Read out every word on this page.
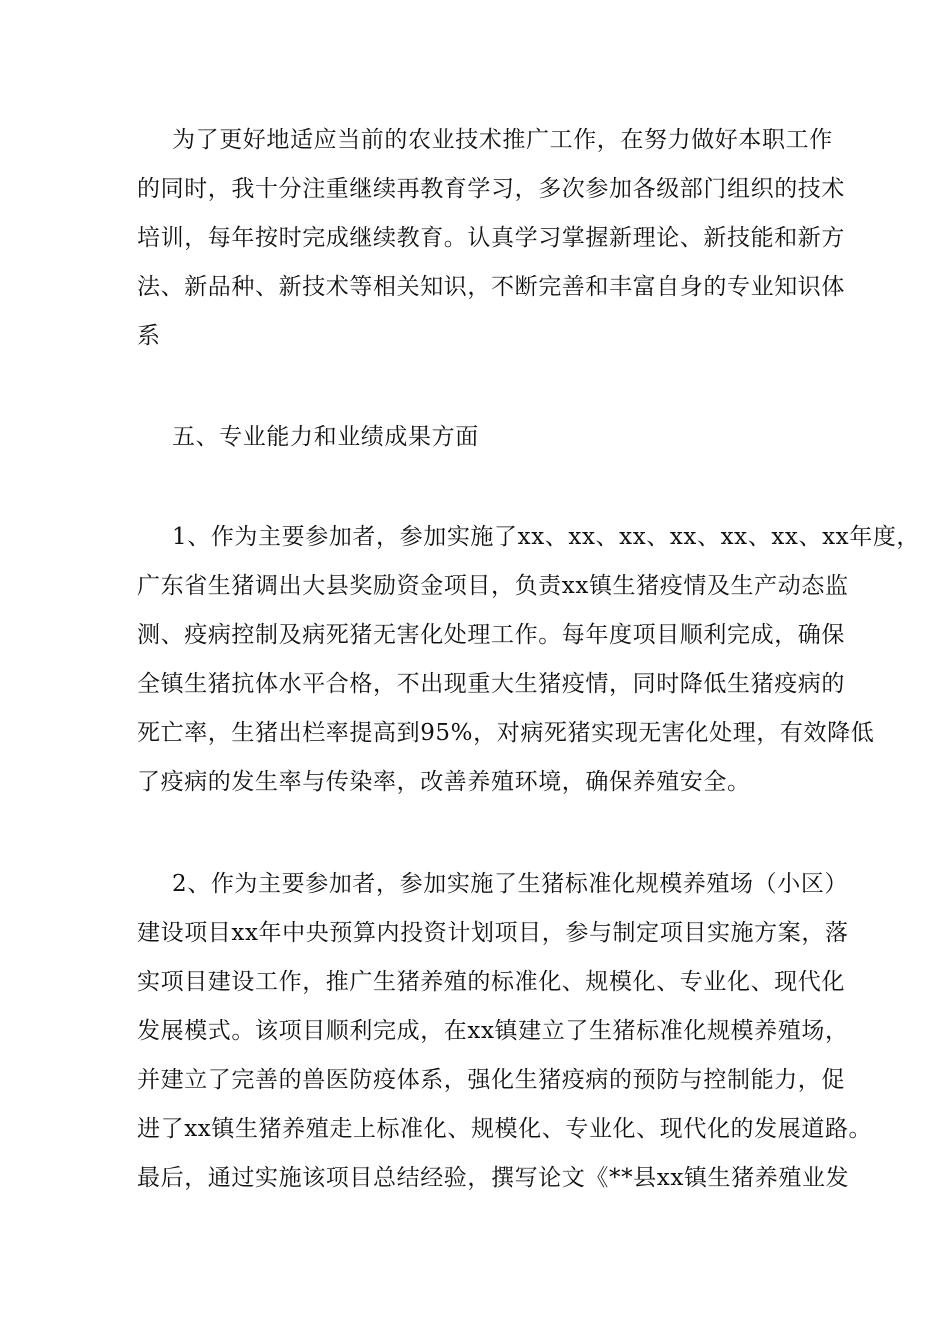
为了更好地适应当前的农业技术推广工作，在努力做好本职工作
的同时，我十分注重继续再教育学习，多次参加各级部门组织的技术
培训，每年按时完成继续教育。认真学习掌握新理论、新技能和新方
法、新品种、新技术等相关知识，不断完善和丰富自身的专业知识体
系
五、专业能力和业绩成果方面
1、作为主要参加者，参加实施了xx、xx、xx、xx、xx、xx、xx年度，
广东省生猪调出大县奖励资金项目，负责xx镇生猪疫情及生产动态监
测、疫病控制及病死猪无害化处理工作。每年度项目顺利完成，确保
全镇生猪抗体水平合格，不出现重大生猪疫情，同时降低生猪疫病的
死亡率，生猪出栏率提高到95%，对病死猪实现无害化处理，有效降低
了疫病的发生率与传染率，改善养殖环境，确保养殖安全。
2、作为主要参加者，参加实施了生猪标准化规模养殖场（小区）
建设项目xx年中央预算内投资计划项目，参与制定项目实施方案，落
实项目建设工作，推广生猪养殖的标准化、规模化、专业化、现代化
发展模式。该项目顺利完成，在xx镇建立了生猪标准化规模养殖场，
并建立了完善的兽医防疫体系，强化生猪疫病的预防与控制能力，促
进了xx镇生猪养殖走上标准化、规模化、专业化、现代化的发展道路。
最后，通过实施该项目总结经验，撰写论文《**县xx镇生猪养殖业发
